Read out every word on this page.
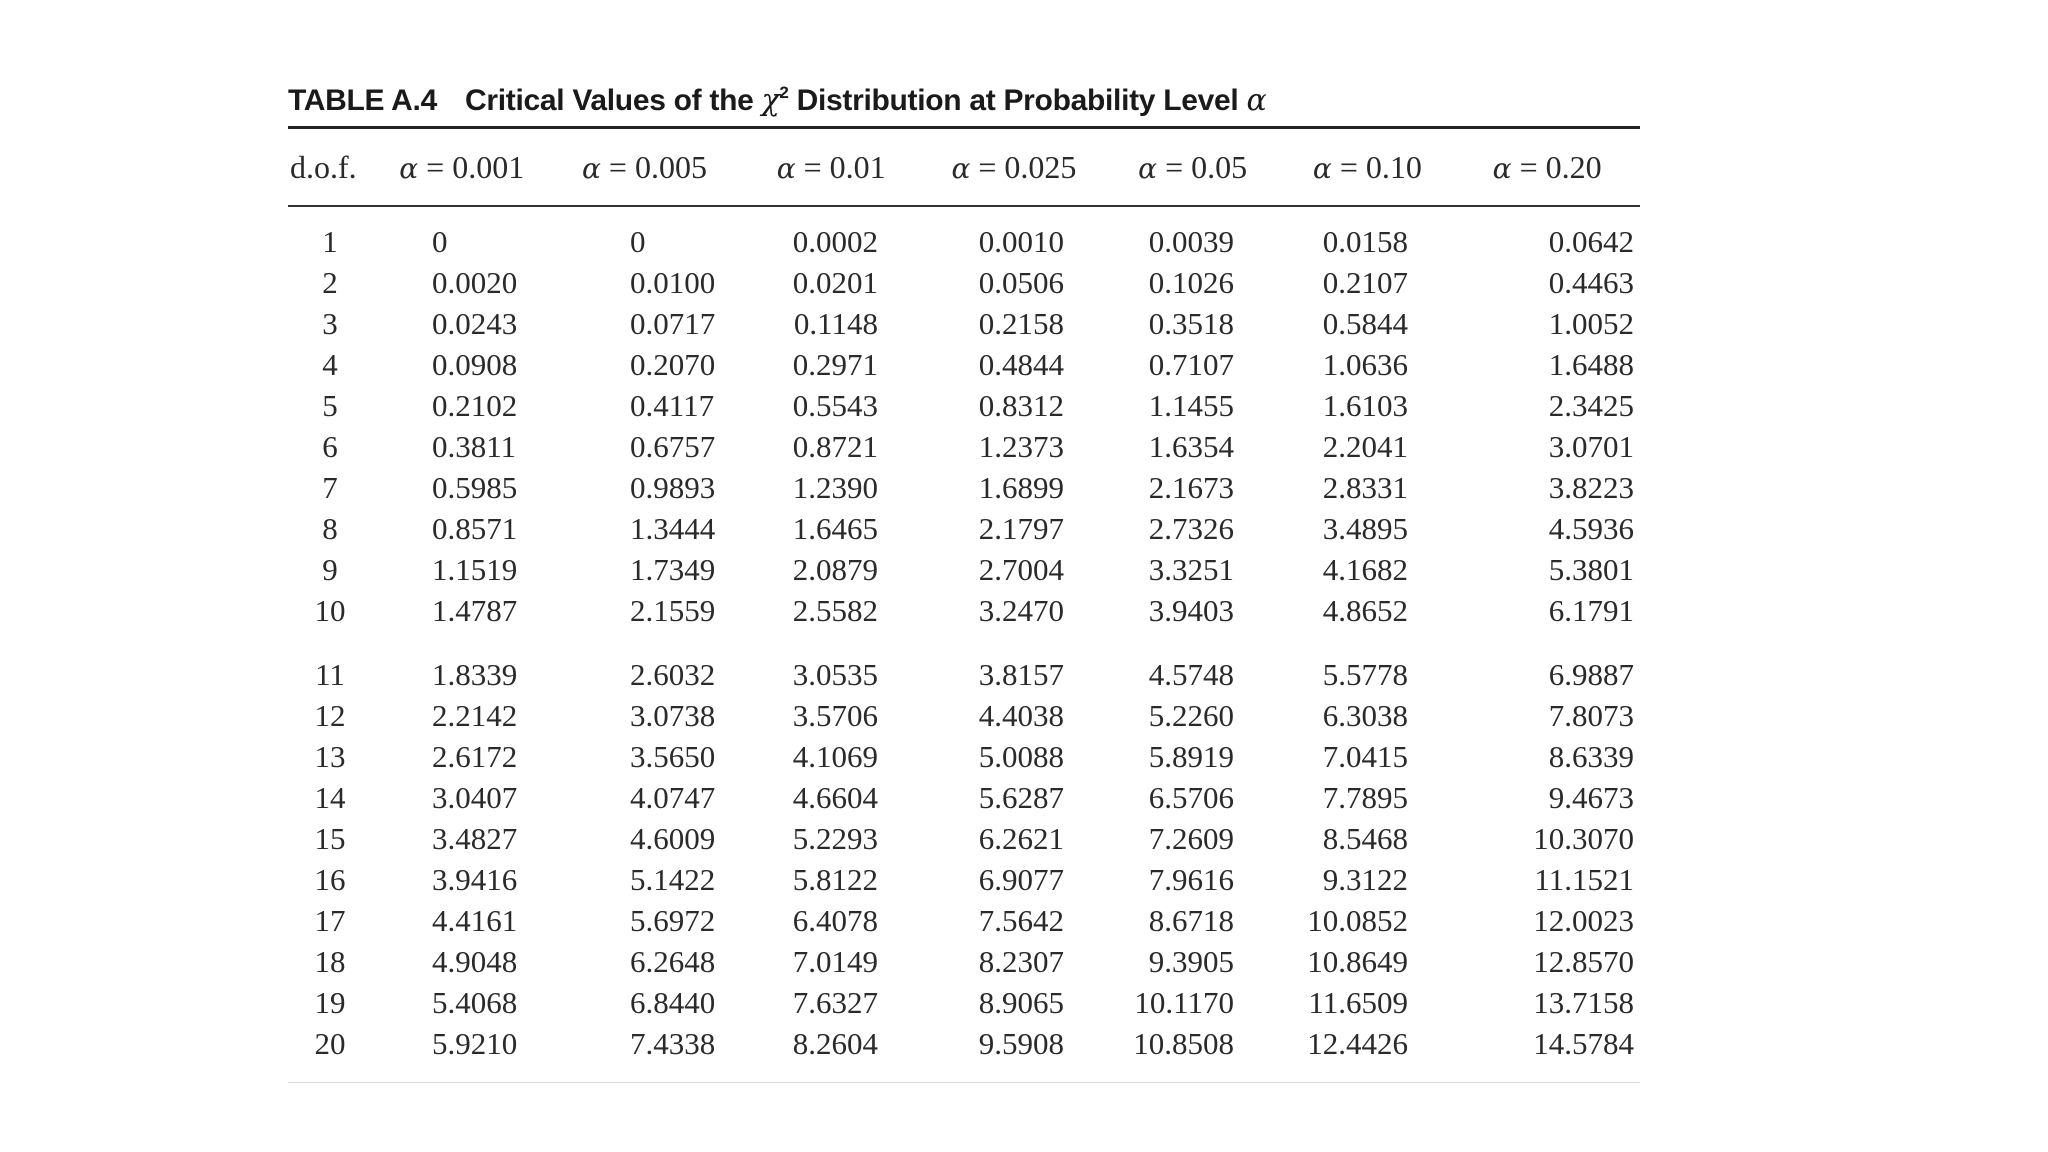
TABLE A.4 Critical Values of the $\chi^2$ Distribution at Probability Level α
d.o.f.	α = 0.001	α = 0.005	α = 0.01	α = 0.025	α = 0.05	α = 0.10	α = 0.20
1	0	0	0.0002	0.0010	0.0039	0.0158	0.0642
2	0.0020	0.0100	0.0201	0.0506	0.1026	0.2107	0.4463
3	0.0243	0.0717	0.1148	0.2158	0.3518	0.5844	1.0052
4	0.0908	0.2070	0.2971	0.4844	0.7107	1.0636	1.6488
5	0.2102	0.4117	0.5543	0.8312	1.1455	1.6103	2.3425
6	0.3811	0.6757	0.8721	1.2373	1.6354	2.2041	3.0701
7	0.5985	0.9893	1.2390	1.6899	2.1673	2.8331	3.8223
8	0.8571	1.3444	1.6465	2.1797	2.7326	3.4895	4.5936
9	1.1519	1.7349	2.0879	2.7004	3.3251	4.1682	5.3801
10	1.4787	2.1559	2.5582	3.2470	3.9403	4.8652	6.1791
11	1.8339	2.6032	3.0535	3.8157	4.5748	5.5778	6.9887
12	2.2142	3.0738	3.5706	4.4038	5.2260	6.3038	7.8073
13	2.6172	3.5650	4.1069	5.0088	5.8919	7.0415	8.6339
14	3.0407	4.0747	4.6604	5.6287	6.5706	7.7895	9.4673
15	3.4827	4.6009	5.2293	6.2621	7.2609	8.5468	10.3070
16	3.9416	5.1422	5.8122	6.9077	7.9616	9.3122	11.1521
17	4.4161	5.6972	6.4078	7.5642	8.6718	10.0852	12.0023
18	4.9048	6.2648	7.0149	8.2307	9.3905	10.8649	12.8570
19	5.4068	6.8440	7.6327	8.9065	10.1170	11.6509	13.7158
20	5.9210	7.4338	8.2604	9.5908	10.8508	12.4426	14.5784
